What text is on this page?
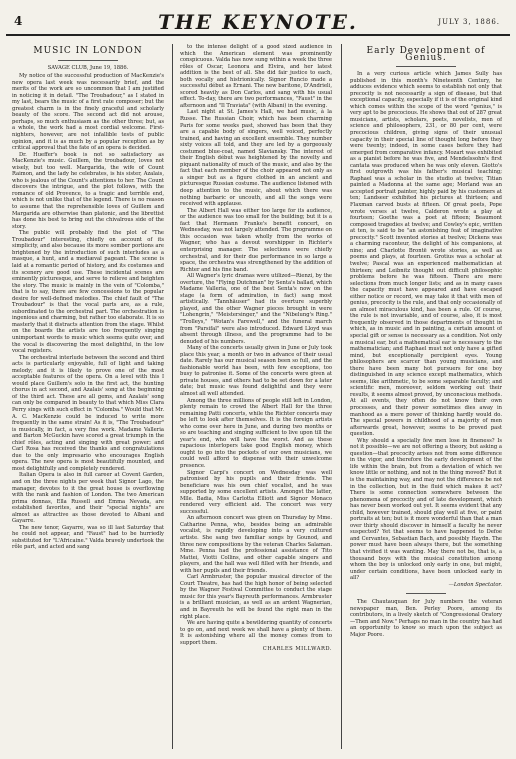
4	THE KEYNOTE.	JULY 3, 1886.
MUSIC IN LONDON

SAVAGE CLUB, June 19, 1886.

My notice of the successful production of MacKenzie's new opera last week was necessarily brief, and the merits of the work are so uncommon that I am justified in noticing it in detail. "The Troubadour," as I stated in my last, bears the music of a first rate composer; but the greatest charm is in the finely graceful and scholarly beauty of the score. The second act did not arouse, perhaps, so much enthusiasm as the other three; but, as a whole, the work had a most cordial welcome. First-nighters, however, are not infallible tests of public opinion, and it is as much by a popular reception as by critical approval that the fate of an opera is decided.

Dr. Hueffer's book is not so satisfactory as MacKenzie's music. Guillem, the troubadour, loves not wisely, but too well. Margarida, the wife of Count Raimon, and the lady he celebrates, is his sister, Azalais, who is jealous of the Count's attentions to her. The Count discovers the intrigue, and the plot follows, with the romance of old Provence, to a tragic and terrible end, which is not unlike that of the legend. There is no reason to assume that the reprehensible loves of Guillem and Margarida are otherwise than platonic, and the librettist has done his best to bring out the chivalrous side of the story.

The public will probably find the plot of "The Troubadour" interesting, chiefly on account of its simplicity, and also because its more somber portions are brightened by the introduction of such interludes as a masque, a hunt, and a mediæval pageant. The scene is laid at a romantic period of history, and its costumes and its scenery are good use. These incidental scenes are eminently picturesque, and serve to relieve and heighten the story. The music is mainly in the vein of "Colomba," that is to say, there are few concessions to the popular desire for well-defined melodies. The chief fault of "The Troubadour" is that the vocal parts are, as a rule, subordinated to the orchestral part. The orchestration is ingenious and charming, but rather too elaborate. It is so masterly that it distracts attention from the stage. Whilst on the boards the artists are too frequently singing unimportant words to music which seems quite over, and the vocal is discovering the most delightful, in the low vocal registers.

The orchestral interlude between the second and third acts is particularly enjoyable, full of light and taking melody; and it is likely to prove one of the most acceptable features of the opera. On a level with this I would place Guillem's solo in the first act, the hunting chorus in act second, and Azalais' song at the beginning of the third act. These are all gems, and Azalais' song can only be compared in beauty to that which Miss Clara Perry sings with such effect in "Colomba." Would that Mr. A. C. MacKenzie could be induced to write more frequently in the same strain! As it is, "The Troubadour" is musically, in fact, a very fine work. Madame Valleria and Barton McGuckin have scored a great triumph in the chief rôles, acting and singing with great power; and Carl Rosa has received the thanks and congratulations due to the only impresario who encourages English opera. The new opera is most beautifully mounted, and most delightfully and completely rendered.

Italian Opera is also in full career at Covent Garden, and on the three nights per week that Signor Lago, the manager, devotes to it the great house is overflowing with the rank and fashion of London. The two American prima donnas, Ella Russell and Emma Nevada, are established favorites, and their "special nights" are almost as attractive as those devoted to Albani and Gayarre.

The new tenor, Gayarre, was so ill last Saturday that he could not appear, and "Faust" had to be hurriedly substituted for "L'Africaine." Valda bravely undertook the rôle part, and acted and sang

to the intense delight of a good sized audience in which the American element was prominently conspicuous. Valda has now sung within a week the three rôles of Oscar, Leonora and Elvira, and her latest addition is the best of all. She did fair justice to each, both vocally and histrionically. Signor Runcio made a successful début as Ernani. The new baritone, D'Andrieli, scored heavily as Don Carlos, and sang with his usual effect. To-day, there are two performances, "Faust" in the afternoon and "Il Traviata" (with Albani) in the evening.

Last night at St. James's Hall, we had music, à la Russe. The Russian Choir, which has been charming Paris for some weeks past, showed has been that they are a capable body of singers, well voiced, perfectly trained, and having an excellent ensemble. They number sixty voices all told, and they are led by a gorgeously costumed blue-coat, named Slaviansky. The interest of their English début was heightened by the novelty and piquant nationality of much of the music, and also by the fact that each member of the choir appeared not only as a singer but as a figure clothed in an ancient and picturesque Russian costume. The audience listened with deep attention to the music, about which there was nothing barbaric or uncouth, and all the songs were received with applause.

The Albert Hall was either too large for its audience, or the audience was too small for the building; but it is a fact that Hermann Franke's benefit concert, on Wednesday, was not largely attended. The programme on this occasion was taken wholly from the works of Wagner, who has a devout worshipper in Richter's enterprising manager. The selections were chiefly orchestral, and for their due performance in so large a space, the orchestra was strengthened by the addition of Richter and his fine band.

All Wagner's lyric dramas were utilized—Rienzi, by the overture, the "Flying Dutchman" by Senta's ballad, which Madame Valleria, one of the best Senta's now on the stage (a form of admiration, in fact) sang most artistically. "Tannhäuser" had its overture superbly played, and the other Wagner pieces brought in were "Lohengrin," "Meistersinger," and the "Nibelung's Ring." "Trolleys," "Wotan's Farewell," and the funeral march from "Parsifal" were also introduced. Edward Lloyd was absent through illness, and the programme had to be denuded of his numbers.

Many of the concerts usually given in June or July took place this year, a month or two in advance of their usual date. Rarely has our musical season been so full, and the fashionable world has been, with few exceptions, too busy to patronise it. Some of the concerts were given at private houses, and others had to be set down for a later date; but music was found delightful and they were almost all well attended.

Among the three millions of people still left in London, plenty remain to crowd the Albert Hall for the three remaining Patti concerts, while the Richter concerts may be left to look after themselves. It is the foreign artists who come over here in June, and during two months or so are teaching and singing sufficient to live upon till the year's end, who will have the worst. And as these rapacious interlopers take good English money, which ought to go into the pockets of our own musicians, we could well afford to dispense with their unwelcome presence.

Signor Carpi's concert on Wednesday was well patronised by his pupils and their friends. The beneficiare was his own chief vocalist, and he was supported by some excellent artists. Amongst the latter, Mlle. Badia, Miss Carlotta Elliott and Signor Monaco rendered very efficient aid. The concert was very successful.

An afternoon concert was given on Thursday by Mme. Catharine Penna, who, besides being an admirable vocalist, is rapidly developing into a very cultured artiste. She sang two familiar songs by Gounod, and three new compositions by the veteran Charles Salaman. Mme. Penna had the professional assistance of Tito Mattei, Viotti Collins, and other capable singers and players, and the hall was well filled with her friends, and with her pupils and their friends.

Carl Armbruster, the popular musical director of the Court Theatre, has had the high honor of being selected by the Wagner Festival Committee to conduct the stage music for this year's Bayreuth performances. Armbruster is a brilliant musician, as well as an ardent Wagnerian, and in Bayreuth he will be found the right man in the right place.

We are having quite a bewildering quantity of concerts to go on, and next week we shall have a plenty of them. It is astonishing where all the money comes from to support them.

CHARLES MILLWARD.

Early Development of Genius.

In a very curious article which James Sully has published in this month's Nineteenth Century, he adduces evidence which seems to establish not only that precocity is not necessarily a sign of disease, but that exceptional capacity, especially if it is of the original kind which comes within the scope of the word "genius," is very apt to be precocious. He shows that out of 287 great musicians, artists, scholars, poets, novelists, men of science and philosophers, 231, or 80 per cent, were precocious children, giving signs of their unusual capacity in their special line of thought long before they were twenty; indeed, in some cases before they had emerged from comparative infancy. Mozart was exhibited as a pianist before he was five, and Mendelssohn's first cantata was produced when he was only eleven. Giotto's first outgrowth was his father's musical teaching; Raphael was a scholar in the studio at twelve; Titian painted a Madonna at the same age; Morland was an accepted portrait painter, highly paid by his customers at ten; Landseer exhibited his pictures at thirteen; and Flaxman carved busts at fifteen. Of great poets, Pope wrote verses at twelve, Calderon wrote a play at fourteen; Goethe was a poet at fifteen; Beaumont composed tragedies at twelve; and Cowley's epic, written at ten, is said to be "an astonishing feat of imaginative precocity." Scott invented stories at twelve; Dickens was a charming raconteur, the delight of his companions, at nine; and Charlotte Brontë wrote stories, as well as poems and plays, at fourteen. Grotius was a scholar at twelve; Pascal was an experienced mathematician at thirteen; and Leibnitz thought out difficult philosophic problems before he was fifteen. There are mere selections from much longer lists; and as in many cases the capacity must have appeared and have escaped either notice or record, we may take it that with men of genius, precocity is the rule, and that only occasionally of an almost miraculous kind, has been a rule. Of course, the rule is not invariable, and of course, also, it is most frequently observed in those departments of thought in which, as in music and in painting, a certain amount of special gift or sense is necessary as a condition. Not only a musical ear, but a mathematical ear is necessary to the mathematician; and Raphael must not only have a gifted mind, but exceptionally percipient eyes. Young philosophers are scarcer than young musicians, and there have been many hot pursuers for one boy distinguished in any science except mathematics, which seems, like arithmetic, to be some separable faculty; and scientific men, moreover, seldom working out their results, it seems almost proved, by unconscious methods. At all events, they often do not know their own processes, and their power sometimes dies away in manhood as a mere power of thinking hardly would do. The special powers in childhood of a majority of men afterwards great, however, seems to be proved past question.

Why should a specially few men lose in fineness? Is not it possible—we are not offering a theory, but asking a question—that precocity arises not from some difference in the vigor, and therefore the early development of the life within the brain, but from a deviation of which we know little or nothing, and not in the thing moved? But it is the maintaining way, and may not the difference be not in the collection, but in the fluid which makes it act? There is some connection somewhere between the phenomena of precocity and of late development, which has never been worked out yet. It seems evident that any child, however trained, should play well at five, or paint portraits at ten; but is it more wonderful than that a man over thirty should discover in himself a faculty he never suspected? Yet that seems to have happened to Defoe and Cervantes, Sebastian Bach, and possibly Haydn. The power must have been always there, but the something that vivified it was wanting. May there not be, that is, a thousand boys with the musical constitution among whom the boy is unlocked only early in one, but might, under certain conditions, have been unlocked early in all?

—London Spectator.

The Chautauquan for July numbers the veteran newspaper man, Ben. Perley Poore, among its contributors, in a lively sketch of "Congressional Oratory—Then and Now." Perhaps no man in the country has had an opportunity to know so much upon the subject as Major Poore.
